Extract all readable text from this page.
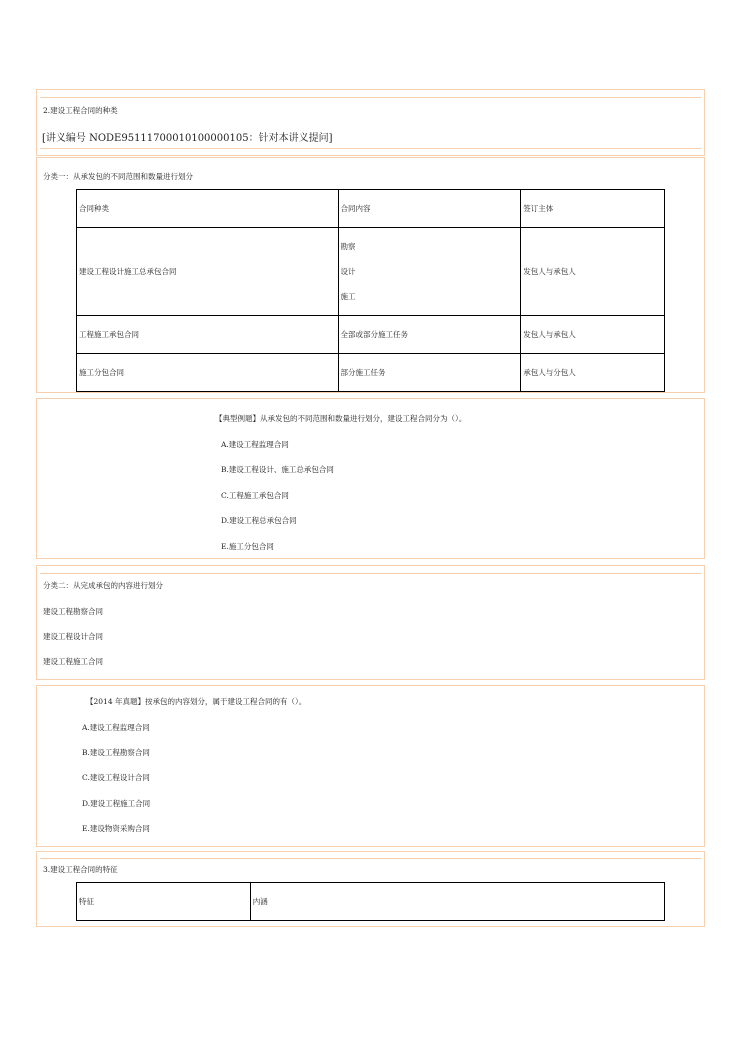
2.建设工程合同的种类
[讲义编号 NODE95111700010100000105：针对本讲义提问]
分类一：从承发包的不同范围和数量进行划分
合同种类	合同内容	签订主体
建设工程设计施工总承包合同	勘察
设计
施工	发包人与承包人
工程施工承包合同	全部或部分施工任务	发包人与承包人
施工分包合同	部分施工任务	承包人与分包人
【典型例题】从承发包的不同范围和数量进行划分，建设工程合同分为（）。
A.建设工程监理合同
B.建设工程设计、施工总承包合同
C.工程施工承包合同
D.建设工程总承包合同
E.施工分包合同
分类二：从完成承包的内容进行划分
建设工程勘察合同
建设工程设计合同
建设工程施工合同
【2014 年真题】按承包的内容划分，属于建设工程合同的有（）。
A.建设工程监理合同
B.建设工程勘察合同
C.建设工程设计合同
D.建设工程施工合同
E.建设物资采购合同
3.建设工程合同的特征
特征	内涵
